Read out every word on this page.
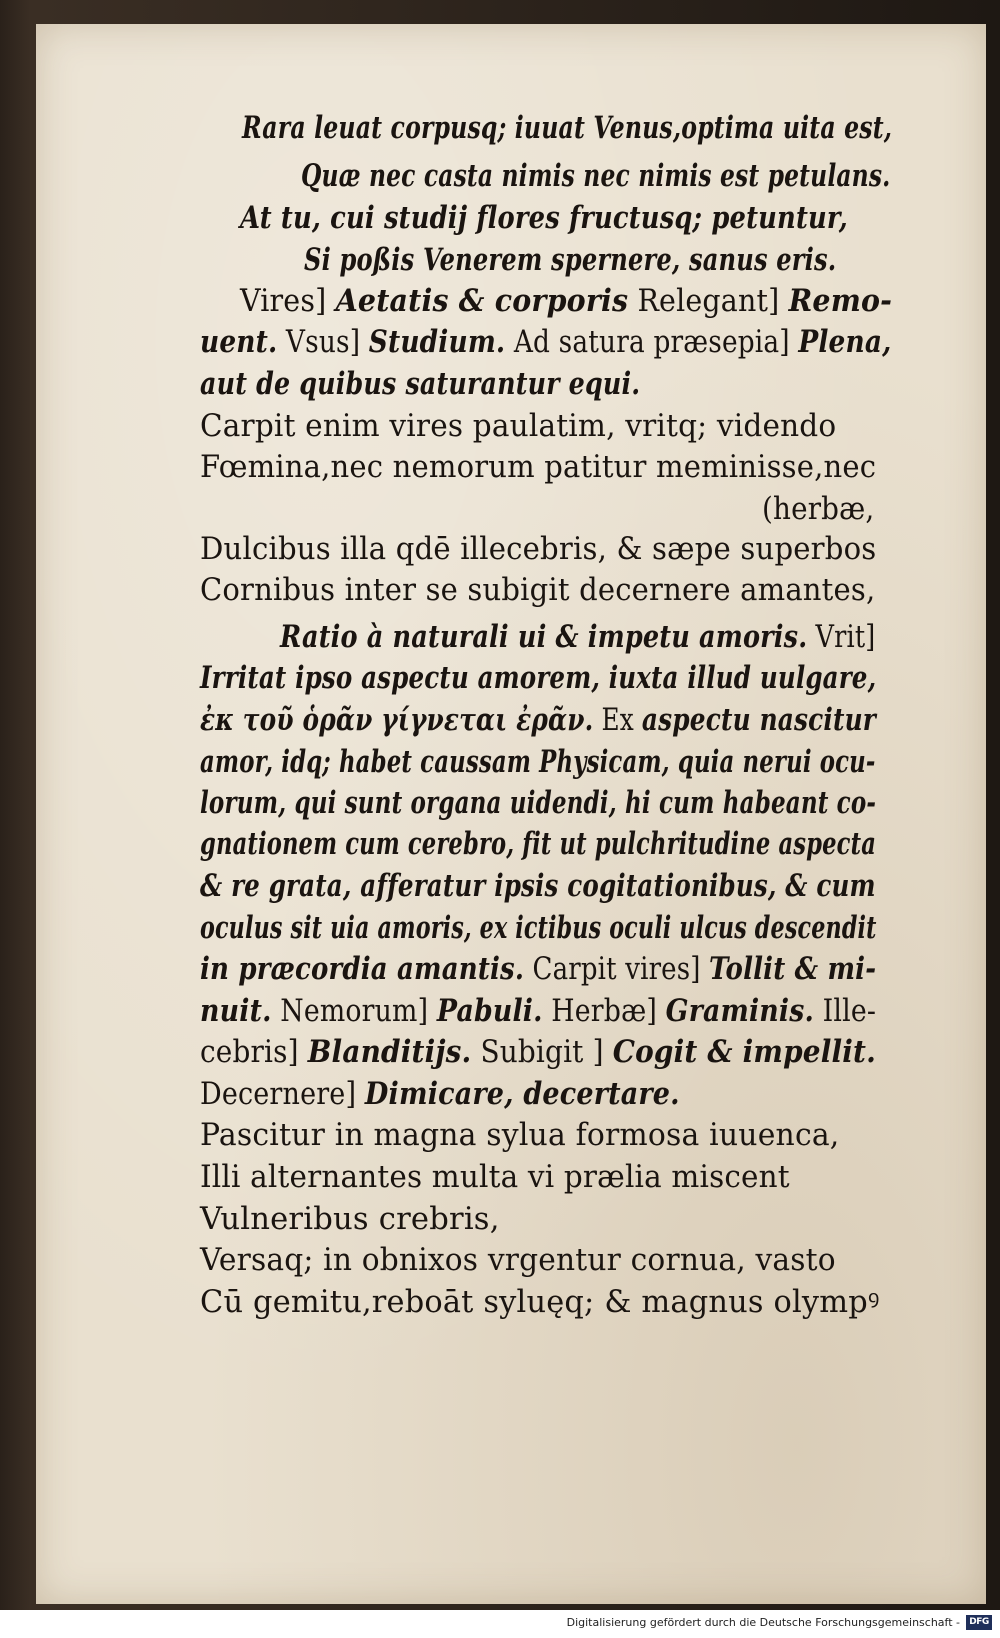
Rara leuat corpusq; iuuat Venus,optima uita est,
Quæ nec casta nimis nec nimis est petulans.
At tu, cui studij flores fructusq; petuntur,
Si poßis Venerem spernere, sanus eris.
Vires] Aetatis & corporis Relegant] Remo-
uent. Vsus] Studium. Ad satura præsepia] Plena,
aut de quibus saturantur equi.
Carpit enim vires paulatim, vritq; videndo
Fœmina,nec nemorum patitur meminisse,nec
(herbæ,
Dulcibus illa qdē illecebris, & sæpe superbos
Cornibus inter se subigit decernere amantes,
Ratio à naturali ui & impetu amoris. Vrit]
Irritat ipso aspectu amorem, iuxta illud uulgare,
ἐκ τοῦ ὁρᾶν γίγνεται ἐρᾶν. Ex aspectu nascitur
amor, idq; habet caussam Physicam, quia nerui ocu-
lorum, qui sunt organa uidendi, hi cum habeant co-
gnationem cum cerebro, fit ut pulchritudine aspecta
& re grata, afferatur ipsis cogitationibus, & cum
oculus sit uia amoris, ex ictibus oculi ulcus descendit
in præcordia amantis. Carpit vires] Tollit & mi-
nuit. Nemorum] Pabuli. Herbæ] Graminis. Ille-
cebris] Blanditijs. Subigit ] Cogit & impellit.
Decernere] Dimicare, decertare.
Pascitur in magna sylua formosa iuuenca,
Illi alternantes multa vi prælia miscent
Vulneribus crebris,
Versaq; in obnixos vrgentur cornua, vasto
Cū gemitu,reboāt syluęq; & magnus olympꝰ
Digitalisierung gefördert durch die Deutsche Forschungsgemeinschaft -	DFG
